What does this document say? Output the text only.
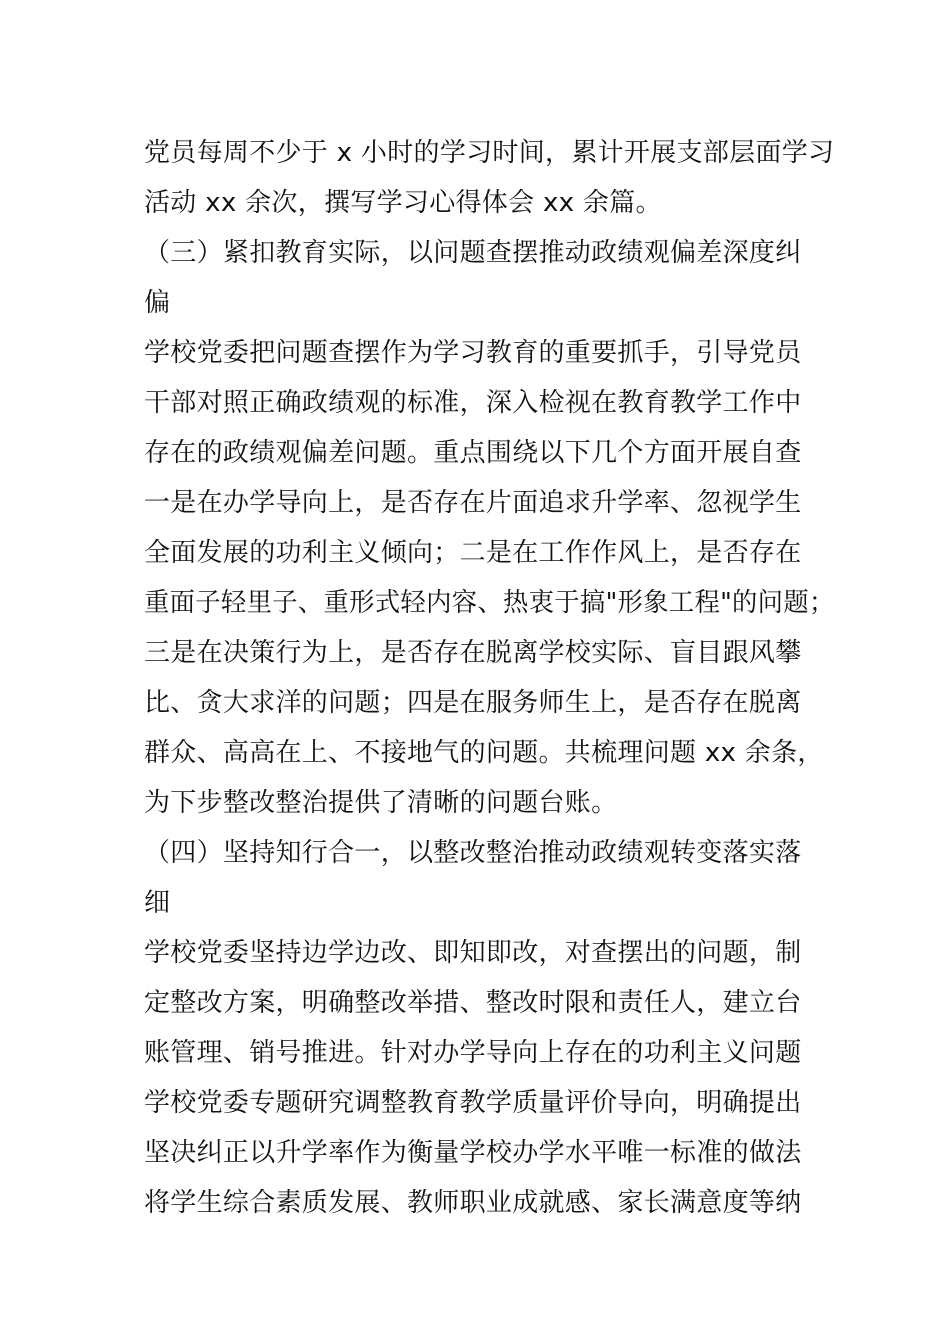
党员每周不少于 x 小时的学习时间，累计开展支部层面学习
活动 xx 余次，撰写学习心得体会 xx 余篇。
（三）紧扣教育实际，以问题查摆推动政绩观偏差深度纠
偏
学校党委把问题查摆作为学习教育的重要抓手，引导党员
干部对照正确政绩观的标准，深入检视在教育教学工作中
存在的政绩观偏差问题。重点围绕以下几个方面开展自查
一是在办学导向上，是否存在片面追求升学率、忽视学生
全面发展的功利主义倾向；二是在工作作风上，是否存在
重面子轻里子、重形式轻内容、热衷于搞"形象工程"的问题；
三是在决策行为上，是否存在脱离学校实际、盲目跟风攀
比、贪大求洋的问题；四是在服务师生上，是否存在脱离
群众、高高在上、不接地气的问题。共梳理问题 xx 余条，
为下步整改整治提供了清晰的问题台账。
（四）坚持知行合一，以整改整治推动政绩观转变落实落
细
学校党委坚持边学边改、即知即改，对查摆出的问题，制
定整改方案，明确整改举措、整改时限和责任人，建立台
账管理、销号推进。针对办学导向上存在的功利主义问题
学校党委专题研究调整教育教学质量评价导向，明确提出
坚决纠正以升学率作为衡量学校办学水平唯一标准的做法
将学生综合素质发展、教师职业成就感、家长满意度等纳
